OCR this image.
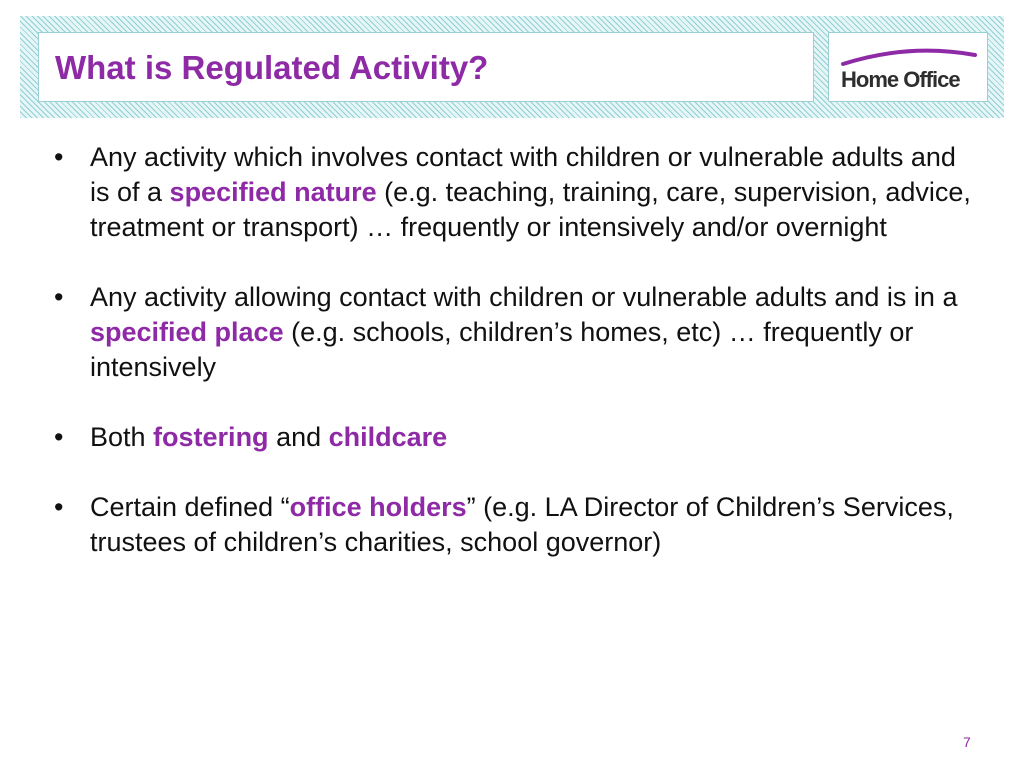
What is Regulated Activity?	Home Office
• Any activity which involves contact with children or vulnerable adults and is of a specified nature (e.g. teaching, training, care, supervision, advice, treatment or transport) … frequently or intensively and/or overnight
• Any activity allowing contact with children or vulnerable adults and is in a specified place (e.g. schools, children’s homes, etc) … frequently or intensively
• Both fostering and childcare
• Certain defined “office holders” (e.g. LA Director of Children’s Services, trustees of children’s charities, school governor)
7
